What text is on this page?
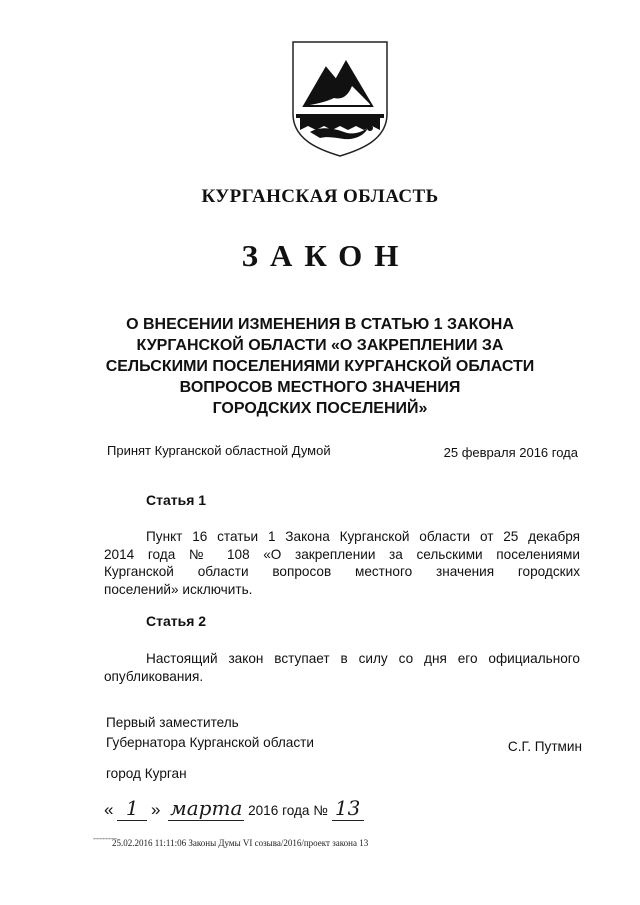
КУРГАНСКАЯ ОБЛАСТЬ
ЗАКОН
О ВНЕСЕНИИ ИЗМЕНЕНИЯ В СТАТЬЮ 1 ЗАКОНА
КУРГАНСКОЙ ОБЛАСТИ «О ЗАКРЕПЛЕНИИ ЗА
СЕЛЬСКИМИ ПОСЕЛЕНИЯМИ КУРГАНСКОЙ ОБЛАСТИ
ВОПРОСОВ МЕСТНОГО ЗНАЧЕНИЯ
ГОРОДСКИХ ПОСЕЛЕНИЙ»
Принят Курганской областной Думой	25 февраля 2016 года
Статья 1
Пункт 16 статьи 1 Закона Курганской области от 25 декабря
2014 года № 108 «О закреплении за сельскими поселениями
Курганской области вопросов местного значения городских
поселений» исключить.
Статья 2
Настоящий закон вступает в силу со дня его официального
опубликования.
Первый заместитель
Губернатора Курганской области	С.Г. Путмин
город Курган
« 1 » марта 2016 года № 13
--------
25.02.2016 11:11:06 Законы Думы VI созыва/2016/проект закона 13
